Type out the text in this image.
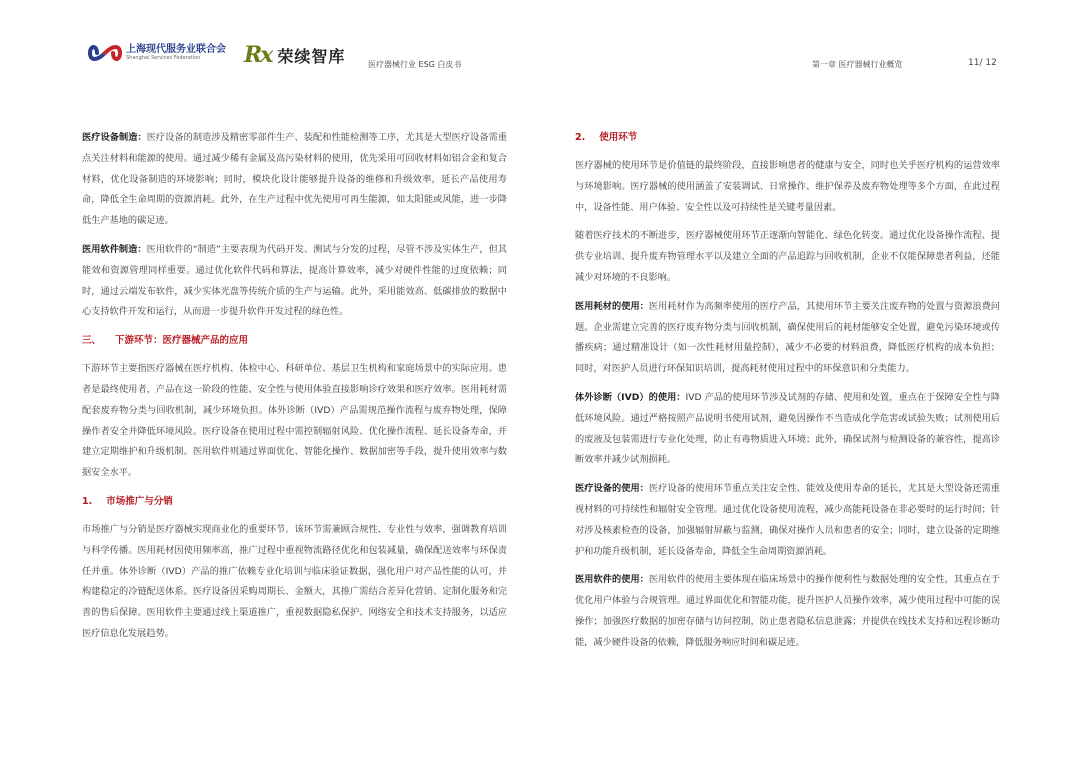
上海现代服务业联合会
Shanghai Services Federation	Rx 荣续智库	医疗器械行业 ESG 白皮书	第一章 医疗器械行业概览	11/ 12

医疗设备制造：医疗设备的制造涉及精密零部件生产、装配和性能检测等工序，尤其是大型医疗设备需重点关注材料和能源的使用。通过减少稀有金属及高污染材料的使用，优先采用可回收材料如铝合金和复合材料，优化设备制造的环境影响；同时，模块化设计能够提升设备的维修和升级效率，延长产品使用寿命，降低全生命周期的资源消耗。此外，在生产过程中优先使用可再生能源，如太阳能或风能，进一步降低生产基地的碳足迹。

医用软件制造：医用软件的“制造”主要表现为代码开发、测试与分发的过程，尽管不涉及实体生产，但其能效和资源管理同样重要。通过优化软件代码和算法，提高计算效率，减少对硬件性能的过度依赖；同时，通过云端发布软件，减少实体光盘等传统介质的生产与运输。此外，采用能效高、低碳排放的数据中心支持软件开发和运行，从而进一步提升软件开发过程的绿色性。

三、 下游环节：医疗器械产品的应用

下游环节主要指医疗器械在医疗机构、体检中心、科研单位、基层卫生机构和家庭场景中的实际应用。患者是最终使用者，产品在这一阶段的性能、安全性与使用体验直接影响诊疗效果和医疗效率。医用耗材需配套废弃物分类与回收机制，减少环境负担。体外诊断（IVD）产品需规范操作流程与废弃物处理，保障操作者安全并降低环境风险。医疗设备在使用过程中需控制辐射风险、优化操作流程、延长设备寿命，并建立定期维护和升级机制。医用软件则通过界面优化、智能化操作、数据加密等手段，提升使用效率与数据安全水平。

1. 市场推广与分销

市场推广与分销是医疗器械实现商业化的重要环节。该环节需兼顾合规性、专业性与效率，强调教育培训与科学传播。医用耗材因使用频率高，推广过程中重视物流路径优化和包装减量，确保配送效率与环保责任并重。体外诊断（IVD）产品的推广依赖专业化培训与临床验证数据，强化用户对产品性能的认可，并构建稳定的冷链配送体系。医疗设备因采购周期长、金额大，其推广需结合差异化营销、定制化服务和完善的售后保障。医用软件主要通过线上渠道推广，重视数据隐私保护、网络安全和技术支持服务，以适应医疗信息化发展趋势。

2. 使用环节

医疗器械的使用环节是价值链的最终阶段，直接影响患者的健康与安全，同时也关乎医疗机构的运营效率与环境影响。医疗器械的使用涵盖了安装调试、日常操作、维护保养及废弃物处理等多个方面，在此过程中，设备性能、用户体验、安全性以及可持续性是关键考量因素。

随着医疗技术的不断进步，医疗器械使用环节正逐渐向智能化、绿色化转变。通过优化设备操作流程、提供专业培训、提升废弃物管理水平以及建立全面的产品追踪与回收机制，企业不仅能保障患者利益，还能减少对环境的不良影响。

医用耗材的使用：医用耗材作为高频率使用的医疗产品，其使用环节主要关注废弃物的处置与资源浪费问题。企业需建立完善的医疗废弃物分类与回收机制，确保使用后的耗材能够安全处置，避免污染环境或传播疾病；通过精准设计（如一次性耗材用量控制），减少不必要的材料浪费，降低医疗机构的成本负担；同时，对医护人员进行环保知识培训，提高耗材使用过程中的环保意识和分类能力。

体外诊断（IVD）的使用：IVD 产品的使用环节涉及试剂的存储、使用和处置，重点在于保障安全性与降低环境风险。通过严格按照产品说明书使用试剂，避免因操作不当造成化学危害或试验失败；试剂使用后的废液及包装需进行专业化处理，防止有毒物质进入环境；此外，确保试剂与检测设备的兼容性，提高诊断效率并减少试剂损耗。

医疗设备的使用：医疗设备的使用环节重点关注安全性、能效及使用寿命的延长，尤其是大型设备还需重视材料的可持续性和辐射安全管理。通过优化设备使用流程，减少高能耗设备在非必要时的运行时间；针对涉及核素检查的设备，加强辐射屏蔽与监测，确保对操作人员和患者的安全；同时，建立设备的定期维护和功能升级机制，延长设备寿命，降低全生命周期资源消耗。

医用软件的使用：医用软件的使用主要体现在临床场景中的操作便利性与数据处理的安全性，其重点在于优化用户体验与合规管理。通过界面优化和智能功能，提升医护人员操作效率，减少使用过程中可能的误操作；加强医疗数据的加密存储与访问控制，防止患者隐私信息泄露；并提供在线技术支持和远程诊断功能，减少硬件设备的依赖，降低服务响应时间和碳足迹。
